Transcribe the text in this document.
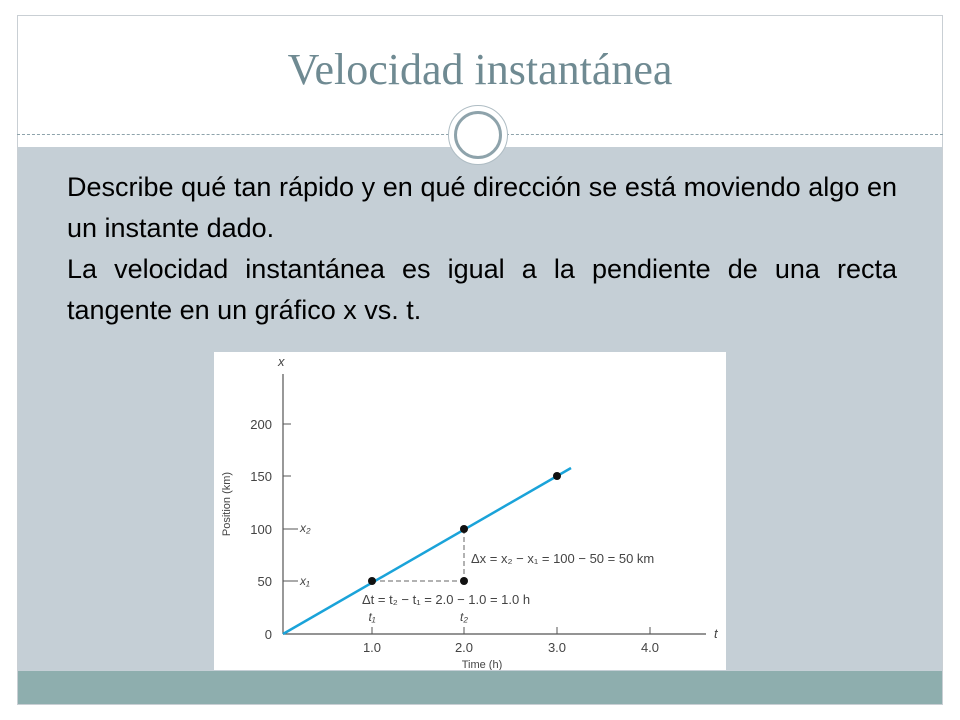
Velocidad instantánea

Describe qué tan rápido y en qué dirección se está moviendo algo en un instante dado.

La velocidad instantánea es igual a la pendiente de una recta tangente en un gráfico x vs. t.

x
t
200
150
100
50
0
Position (km)
1.0	2.0	3.0	4.0
Time (h)
t₁	t₂
x₂
x₁
Δx = x₂ − x₁ = 100 − 50 = 50 km
Δt = t₂ − t₁ = 2.0 − 1.0 = 1.0 h
